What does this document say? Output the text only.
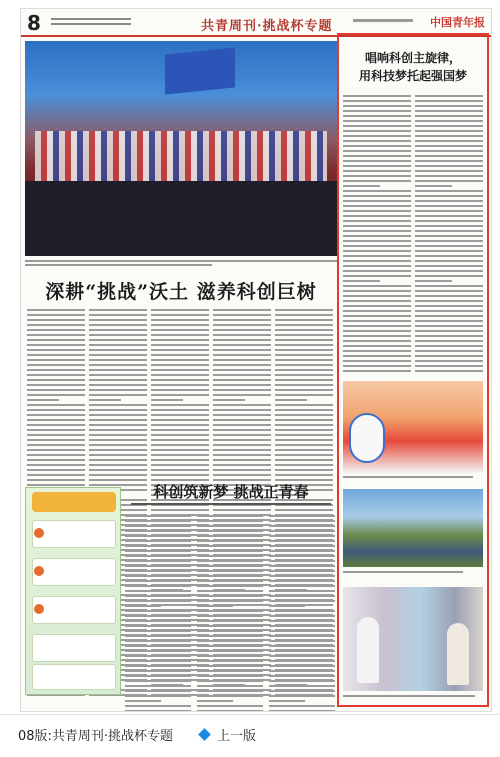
8	共青周刊·挑战杯专题	中国青年报
深耕“挑战”沃土 滋养科创巨树
科创筑新梦 挑战正青春
唱响科创主旋律，
用科技梦托起强国梦
08版:共青周刊·挑战杯专题	上一版
